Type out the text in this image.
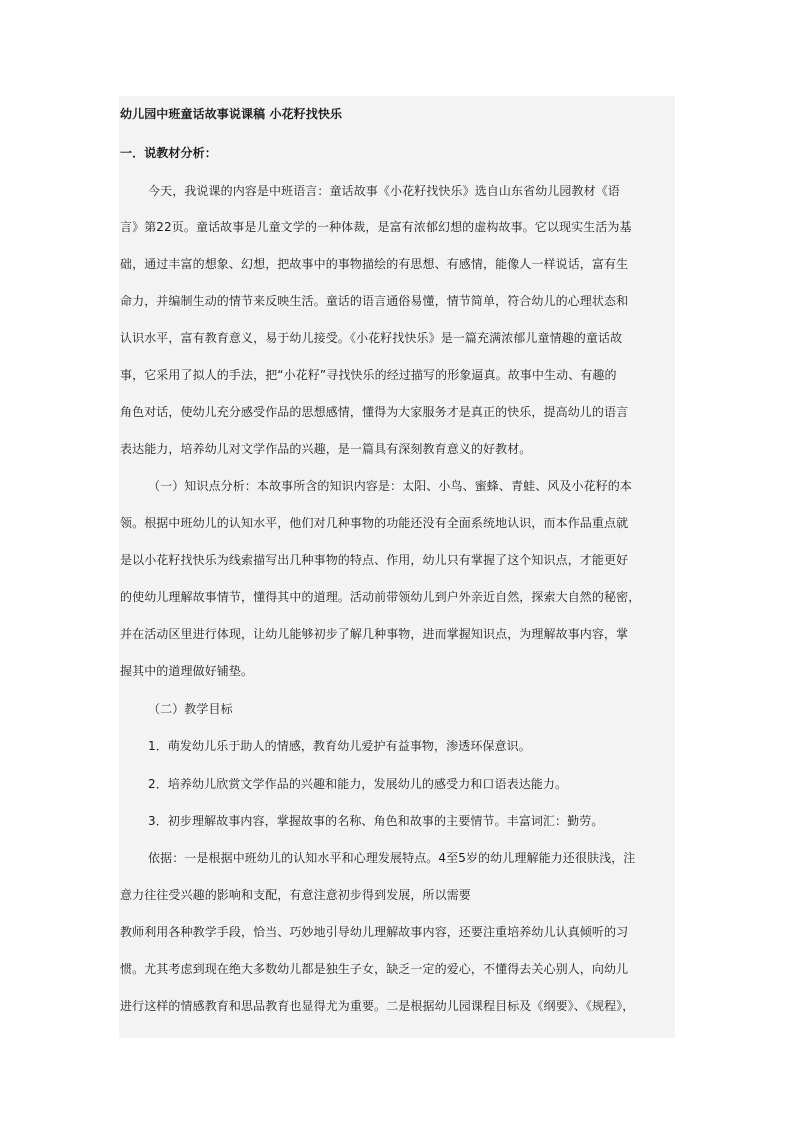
幼儿园中班童话故事说课稿 小花籽找快乐
一．说教材分析：
今天，我说课的内容是中班语言：童话故事《小花籽找快乐》选自山东省幼儿园教材《语
言》第22页。童话故事是儿童文学的一种体裁，是富有浓郁幻想的虚构故事。它以现实生活为基
础，通过丰富的想象、幻想，把故事中的事物描绘的有思想、有感情，能像人一样说话，富有生
命力，并编制生动的情节来反映生活。童话的语言通俗易懂，情节简单，符合幼儿的心理状态和
认识水平，富有教育意义，易于幼儿接受。《小花籽找快乐》是一篇充满浓郁儿童情趣的童话故
事，它采用了拟人的手法，把“小花籽”寻找快乐的经过描写的形象逼真。故事中生动、有趣的
角色对话，使幼儿充分感受作品的思想感情，懂得为大家服务才是真正的快乐，提高幼儿的语言
表达能力，培养幼儿对文学作品的兴趣，是一篇具有深刻教育意义的好教材。
（一）知识点分析：本故事所含的知识内容是：太阳、小鸟、蜜蜂、青蛙、风及小花籽的本
领。根据中班幼儿的认知水平，他们对几种事物的功能还没有全面系统地认识，而本作品重点就
是以小花籽找快乐为线索描写出几种事物的特点、作用，幼儿只有掌握了这个知识点，才能更好
的使幼儿理解故事情节，懂得其中的道理。活动前带领幼儿到户外亲近自然，探索大自然的秘密，
并在活动区里进行体现，让幼儿能够初步了解几种事物，进而掌握知识点，为理解故事内容，掌
握其中的道理做好铺垫。
（二）教学目标
1．萌发幼儿乐于助人的情感，教育幼儿爱护有益事物，渗透环保意识。
2．培养幼儿欣赏文学作品的兴趣和能力，发展幼儿的感受力和口语表达能力。
3．初步理解故事内容，掌握故事的名称、角色和故事的主要情节。丰富词汇：勤劳。
依据：一是根据中班幼儿的认知水平和心理发展特点。4至5岁的幼儿理解能力还很肤浅，注
意力往往受兴趣的影响和支配，有意注意初步得到发展，所以需要
教师利用各种教学手段，恰当、巧妙地引导幼儿理解故事内容，还要注重培养幼儿认真倾听的习
惯。尤其考虑到现在绝大多数幼儿都是独生子女，缺乏一定的爱心，不懂得去关心别人，向幼儿
进行这样的情感教育和思品教育也显得尤为重要。二是根据幼儿园课程目标及《纲要》、《规程》，
